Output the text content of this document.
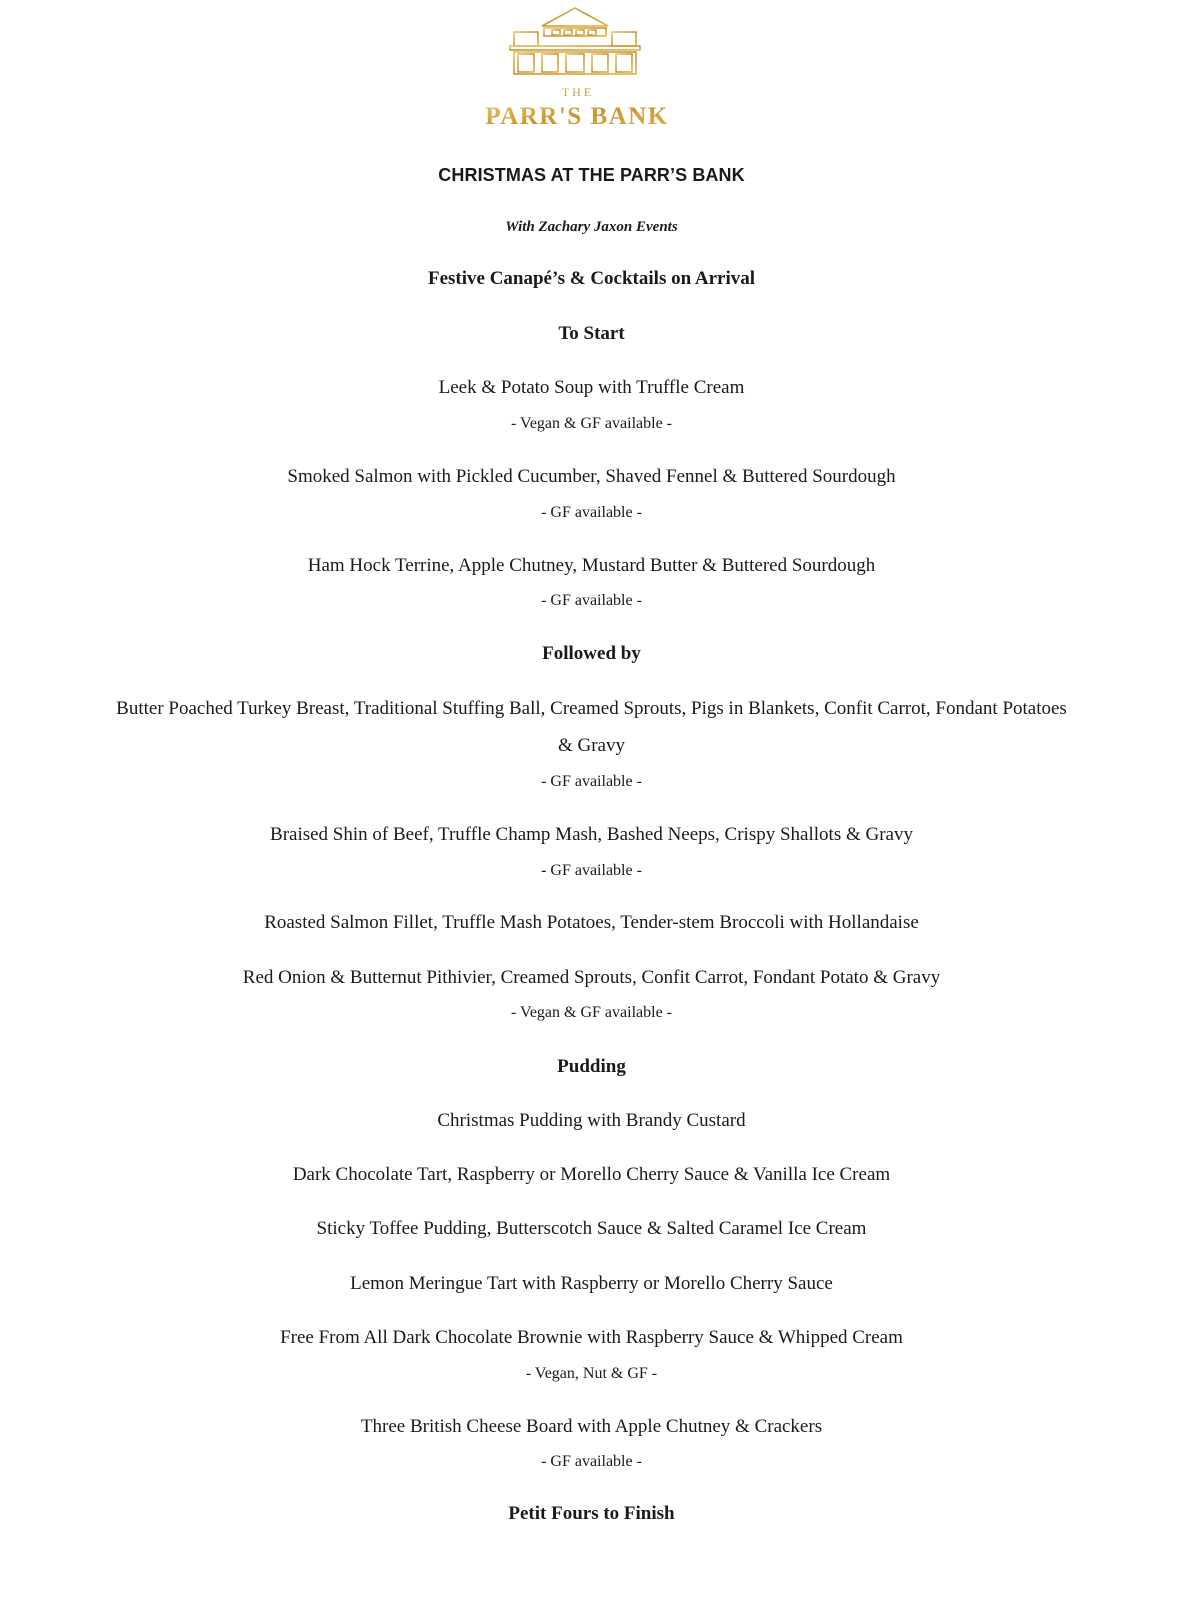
THE
PARR'S BANK
CHRISTMAS AT THE PARR’S BANK
With Zachary Jaxon Events
Festive Canapé’s & Cocktails on Arrival
To Start
Leek & Potato Soup with Truffle Cream
- Vegan & GF available -
Smoked Salmon with Pickled Cucumber, Shaved Fennel & Buttered Sourdough
- GF available -
Ham Hock Terrine, Apple Chutney, Mustard Butter & Buttered Sourdough
- GF available -
Followed by
Butter Poached Turkey Breast, Traditional Stuffing Ball, Creamed Sprouts, Pigs in Blankets, Confit Carrot, Fondant Potatoes
& Gravy
- GF available -
Braised Shin of Beef, Truffle Champ Mash, Bashed Neeps, Crispy Shallots & Gravy
- GF available -
Roasted Salmon Fillet, Truffle Mash Potatoes, Tender-stem Broccoli with Hollandaise
Red Onion & Butternut Pithivier, Creamed Sprouts, Confit Carrot, Fondant Potato & Gravy
- Vegan & GF available -
Pudding
Christmas Pudding with Brandy Custard
Dark Chocolate Tart, Raspberry or Morello Cherry Sauce & Vanilla Ice Cream
Sticky Toffee Pudding, Butterscotch Sauce & Salted Caramel Ice Cream
Lemon Meringue Tart with Raspberry or Morello Cherry Sauce
Free From All Dark Chocolate Brownie with Raspberry Sauce & Whipped Cream
- Vegan, Nut & GF -
Three British Cheese Board with Apple Chutney & Crackers
- GF available -
Petit Fours to Finish
